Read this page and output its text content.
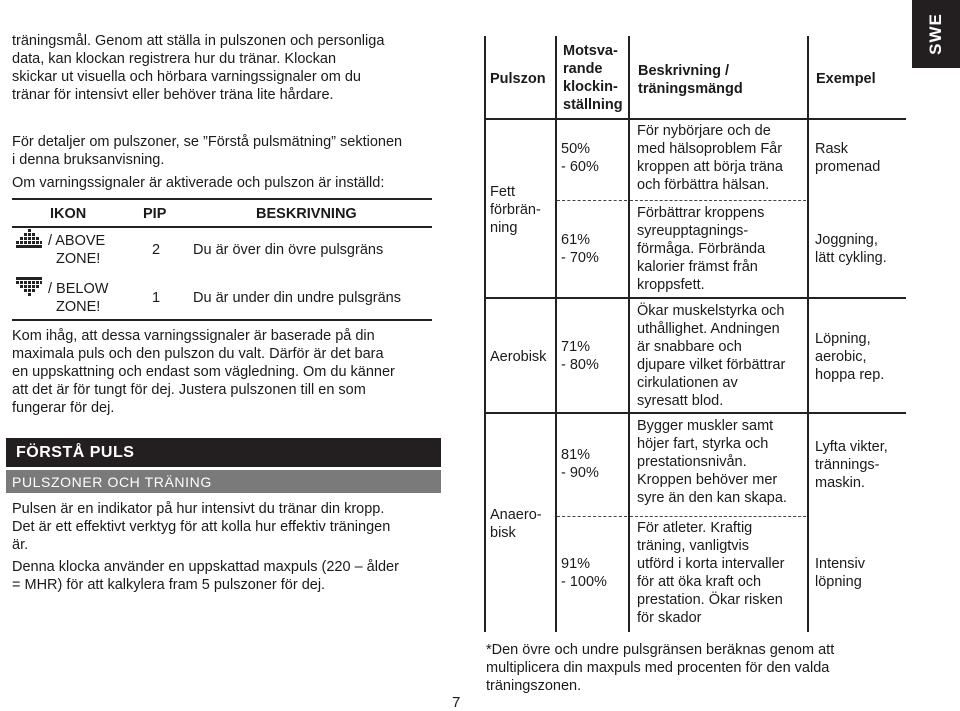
SWE
träningsmål. Genom att ställa in pulszonen och personliga
data, kan klockan registrera hur du tränar. Klockan
skickar ut visuella och hörbara varningssignaler om du
tränar för intensivt eller behöver träna lite hårdare.
För detaljer om pulszoner, se ”Förstå pulsmätning” sektionen
i denna bruksanvisning.
Om varningssignaler är aktiverade och pulszon är inställd:
IKON	PIP	BESKRIVNING
/ ABOVE
ZONE!
2 Du är över din övre pulsgräns
/ BELOW
ZONE!
1 Du är under din undre pulsgräns
Kom ihåg, att dessa varningssignaler är baserade på din
maximala puls och den pulszon du valt. Därför är det bara
en uppskattning och endast som vägledning. Om du känner
att det är för tungt för dej. Justera pulszonen till en som
fungerar för dej.
FÖRSTÅ PULS
PULSZONER OCH TRÄNING
Pulsen är en indikator på hur intensivt du tränar din kropp.
Det är ett effektivt verktyg för att kolla hur effektiv träningen
är.
Denna klocka använder en uppskattad maxpuls (220 – ålder
= MHR) för att kalkylera fram 5 pulszoner för dej.
7
Pulszon
Motsva-
rande
klockin-
ställning
Beskrivning /
träningsmängd
Exempel
Fett
förbrän-
ning
Aerobisk
Anaero-
bisk
50%
- 60%
För nybörjare och de
med hälsoproblem Får
kroppen att börja träna
och förbättra hälsan.
Rask
promenad
61%
- 70%
Förbättrar kroppens
syreupptagnings-
förmåga. Förbrända
kalorier främst från
kroppsfett.
Joggning,
lätt cykling.
71%
- 80%
Ökar muskelstyrka och
uthållighet. Andningen
är snabbare och
djupare vilket förbättrar
cirkulationen av
syresatt blod.
Löpning,
aerobic,
hoppa rep.
81%
- 90%
Bygger muskler samt
höjer fart, styrka och
prestationsnivån.
Kroppen behöver mer
syre än den kan skapa.
Lyfta vikter,
trännings-
maskin.
91%
- 100%
För atleter. Kraftig
träning, vanligtvis
utförd i korta intervaller
för att öka kraft och
prestation. Ökar risken
för skador
Intensiv
löpning
*Den övre och undre pulsgränsen beräknas genom att
multiplicera din maxpuls med procenten för den valda
träningszonen.
